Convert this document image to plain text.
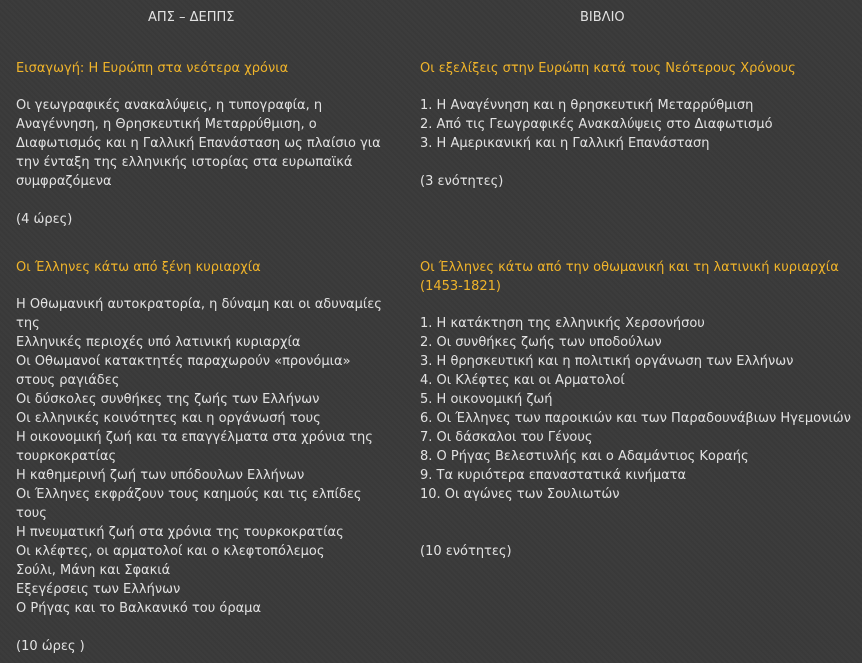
ΑΠΣ – ΔΕΠΠΣ	ΒΙΒΛΙΟ
Εισαγωγή: Η Ευρώπη στα νεότερα χρόνια
Οι γεωγραφικές ανακαλύψεις, η τυπογραφία, η
Αναγέννηση, η Θρησκευτική Μεταρρύθμιση, ο
Διαφωτισμός και η Γαλλική Επανάσταση ως πλαίσιο για
την ένταξη της ελληνικής ιστορίας στα ευρωπαϊκά
συμφραζόμενα
(4 ώρες)
Οι Έλληνες κάτω από ξένη κυριαρχία
Η Οθωμανική αυτοκρατορία, η δύναμη και οι αδυναμίες
της
Ελληνικές περιοχές υπό λατινική κυριαρχία
Οι Οθωμανοί κατακτητές παραχωρούν «προνόμια»
στους ραγιάδες
Οι δύσκολες συνθήκες της ζωής των Ελλήνων
Οι ελληνικές κοινότητες και η οργάνωσή τους
Η οικονομική ζωή και τα επαγγέλματα στα χρόνια της
τουρκοκρατίας
Η καθημερινή ζωή των υπόδουλων Ελλήνων
Οι Έλληνες εκφράζουν τους καημούς και τις ελπίδες
τους
Η πνευματική ζωή στα χρόνια της τουρκοκρατίας
Οι κλέφτες, οι αρματολοί και ο κλεφτοπόλεμος
Σούλι, Μάνη και Σφακιά
Εξεγέρσεις των Ελλήνων
Ο Ρήγας και το Βαλκανικό του όραμα
(10 ώρες )
Οι εξελίξεις στην Ευρώπη κατά τους Νεότερους Χρόνους
1. Η Αναγέννηση και η θρησκευτική Μεταρρύθμιση
2. Από τις Γεωγραφικές Ανακαλύψεις στο Διαφωτισμό
3. Η Αμερικανική και η Γαλλική Επανάσταση
(3 ενότητες)
Οι Έλληνες κάτω από την οθωμανική και τη λατινική κυριαρχία
(1453-1821)
1. Η κατάκτηση της ελληνικής Χερσονήσου
2. Οι συνθήκες ζωής των υποδούλων
3. Η θρησκευτική και η πολιτική οργάνωση των Ελλήνων
4. Οι Κλέφτες και οι Αρματολοί
5. Η οικονομική ζωή
6. Οι Έλληνες των παροικιών και των Παραδουνάβιων Ηγεμονιών
7. Οι δάσκαλοι του Γένους
8. Ο Ρήγας Βελεστινλής και ο Αδαμάντιος Κοραής
9. Τα κυριότερα επαναστατικά κινήματα
10. Οι αγώνες των Σουλιωτών
(10 ενότητες)
